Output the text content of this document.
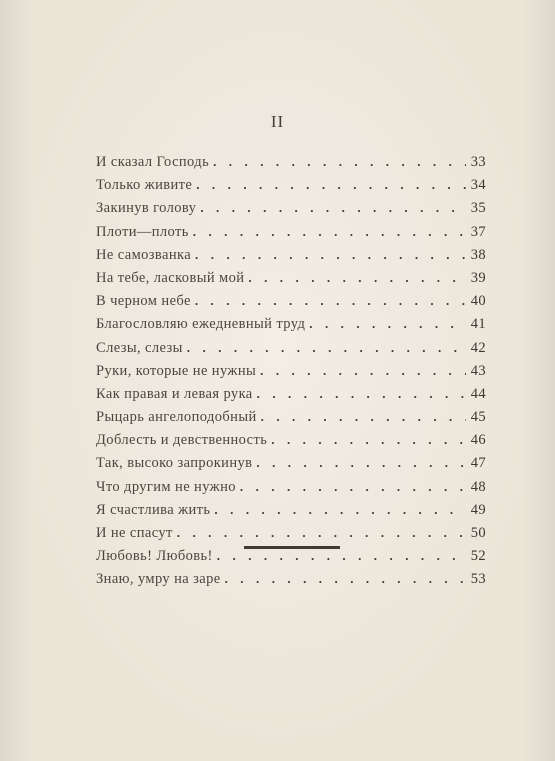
II
И сказал Господь . . .	33
Только живите . . .	34
Закинув голову . . .	35
Плоти—плоть . . .	37
Не самозванка . . .	38
На тебе, ласковый мой . . .	39
В черном небе . . .	40
Благословляю ежедневный труд . . .	41
Слезы, слезы . . .	42
Руки, которые не нужны . . .	43
Как правая и левая рука . . .	44
Рыцарь ангелоподобный . . .	45
Доблесть и девственность . . .	46
Так, высоко запрокинув . . .	47
Что другим не нужно . . .	48
Я счастлива жить . . .	49
И не спасут . . .	50
Любовь! Любовь! . . .	52
Знаю, умру на заре . . .	53
